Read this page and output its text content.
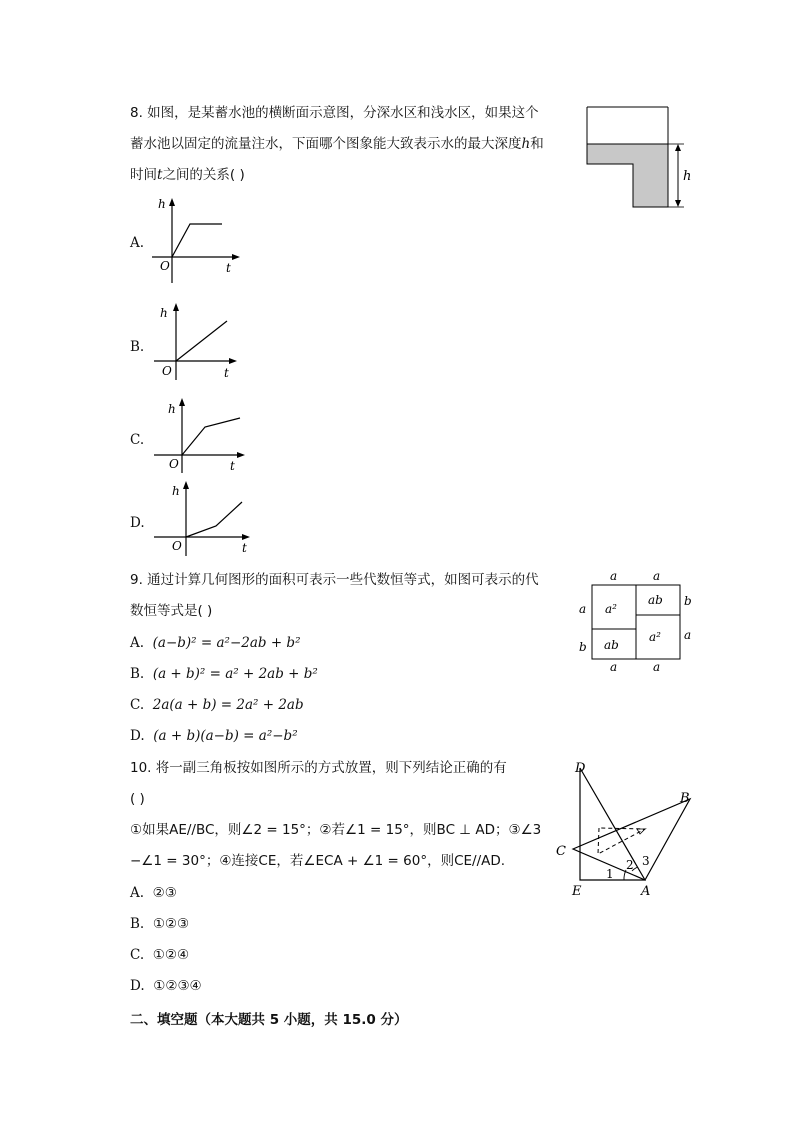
8. 如图，是某蓄水池的横断面示意图，分深水区和浅水区，如果这个
蓄水池以固定的流量注水，下面哪个图象能大致表示水的最大深度h和
时间t之间的关系( )	h
A.
h
O	t
B.
h
O	t
C.
h
O	t
D.
h
O	t
9. 通过计算几何图形的面积可表示一些代数恒等式，如图可表示的代
数恒等式是( )
A. (a−b)² = a²−2ab + b²
B. (a + b)² = a² + 2ab + b²
C. 2a(a + b) = 2a² + 2ab
D. (a + b)(a−b) = a²−b²
a	a
a	a
a
b
b
a
a²
ab
ab
a²
10. 将一副三角板按如图所示的方式放置，则下列结论正确的有
( )
①如果AE//BC，则∠2 = 15°；②若∠1 = 15°，则BC ⊥ AD；③∠3
−∠1 = 30°；④连接CE，若∠ECA + ∠1 = 60°，则CE//AD.
A. ②③
B. ①②③
C. ①②④
D. ①②③④
D
B
C
E	A
1
2 3
二、填空题（本大题共 5 小题，共 15.0 分）
